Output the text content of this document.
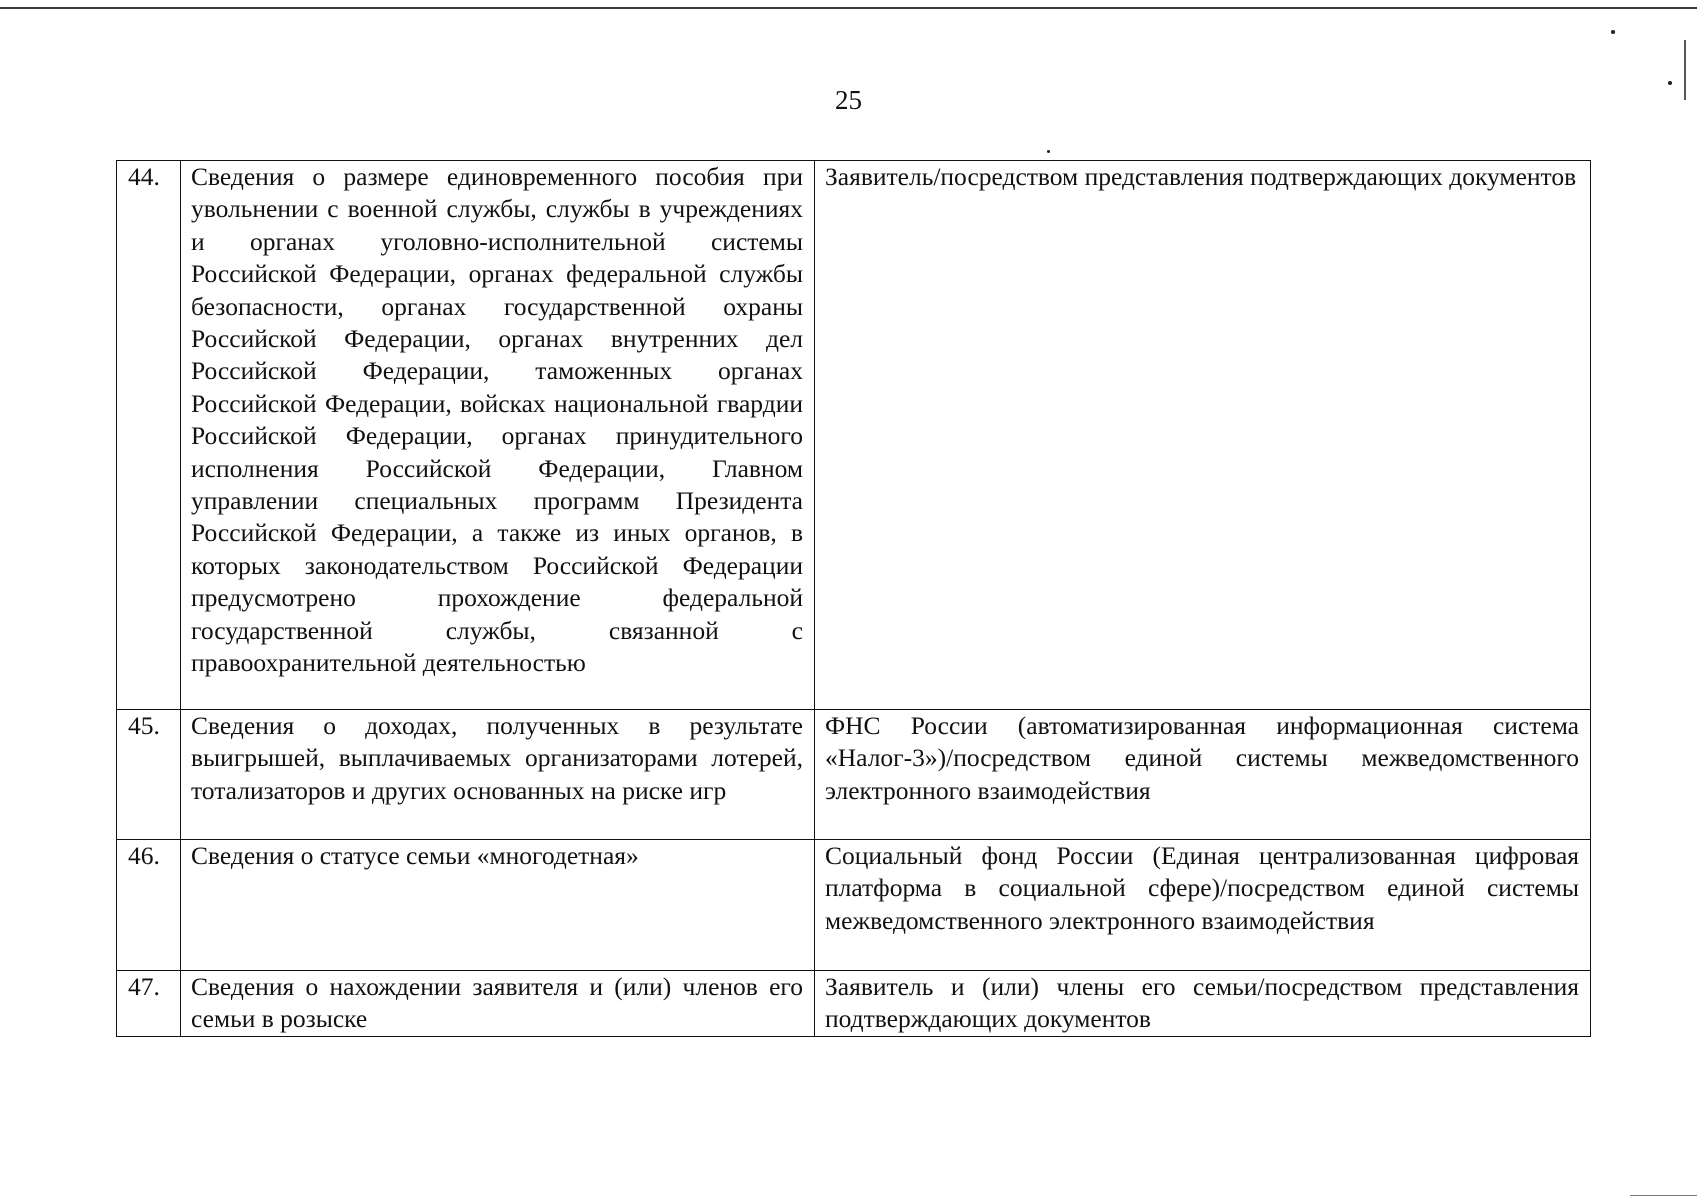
25
44.	Сведения о размере единовременного пособия при увольнении с военной службы, службы в учреждениях и органах уголовно-исполнительной системы Российской Федерации, органах федеральной службы безопасности, органах государственной охраны Российской Федерации, органах внутренних дел Российской Федерации, таможенных органах Российской Федерации, войсках национальной гвардии Российской Федерации, органах принудительного исполнения Российской Федерации, Главном управлении специальных программ Президента Российской Федерации, а также из иных органов, в которых законодательством Российской Федерации предусмотрено прохождение федеральной государственной службы, связанной с правоохранительной деятельностью	Заявитель/посредством представления подтверждающих документов
45.	Сведения о доходах, полученных в результате выигрышей, выплачиваемых организаторами лотерей, тотализаторов и других основанных на риске игр	ФНС России (автоматизированная информационная система «Налог-3»)/посредством единой системы межведомственного электронного взаимодействия
46.	Сведения о статусе семьи «многодетная»	Социальный фонд России (Единая централизованная цифровая платформа в социальной сфере)/посредством единой системы межведомственного электронного взаимодействия
47.	Сведения о нахождении заявителя и (или) членов его семьи в розыске	Заявитель и (или) члены его семьи/посредством представления подтверждающих документов
